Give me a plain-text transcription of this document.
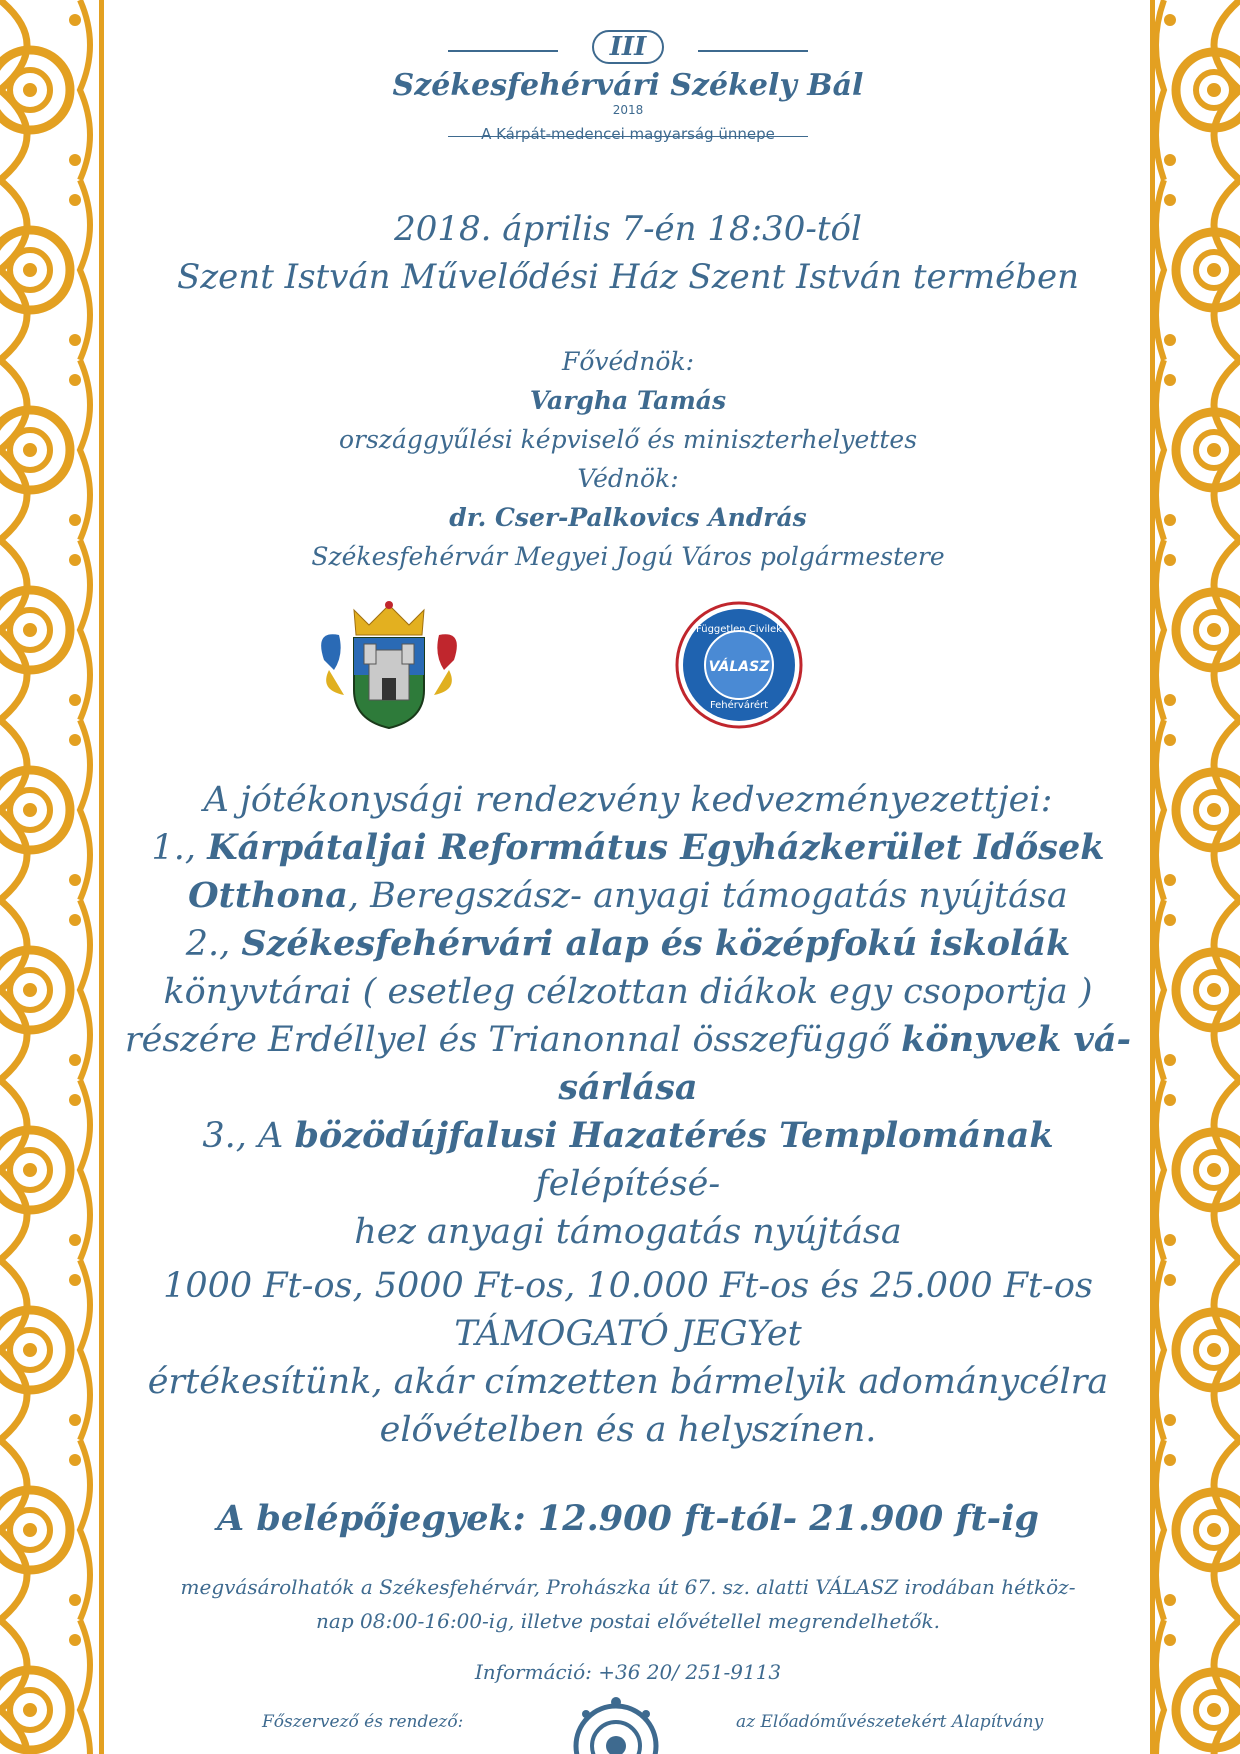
III
Székesfehérvári Székely Bál
2018
A Kárpát-medencei magyarság ünnepe
2018. április 7-én 18:30-tól
Szent István Művelődési Ház Szent István termében
Fővédnök:
Vargha Tamás
országgyűlési képviselő és miniszterhelyettes
Védnök:
dr. Cser-Palkovics András
Székesfehérvár Megyei Jogú Város polgármestere
Független Civilek
VÁLASZ
Fehérvárért
A jótékonysági rendezvény kedvezményezettjei:
1., Kárpátaljai Református Egyházkerület Idősek
Otthona, Beregszász- anyagi támogatás nyújtása
2., Székesfehérvári alap és középfokú iskolák
könyvtárai ( esetleg célzottan diákok egy csoportja )
részére Erdéllyel és Trianonnal összefüggő könyvek vá-
sárlása
3., A bözödújfalusi Hazatérés Templomának felépítésé-
hez anyagi támogatás nyújtása
1000 Ft-os, 5000 Ft-os, 10.000 Ft-os és 25.000 Ft-os
TÁMOGATÓ JEGYet
értékesítünk, akár címzetten bármelyik adománycélra
elővételben és a helyszínen.
A belépőjegyek: 12.900 ft-tól- 21.900 ft-ig
megvásárolhatók a Székesfehérvár, Prohászka út 67. sz. alatti VÁLASZ irodában hétköz-
nap 08:00-16:00-ig, illetve postai elővétellel megrendelhetők.
Információ: +36 20/ 251-9113
Főszervező és rendező:	az Előadóművészetekért Alapítvány
